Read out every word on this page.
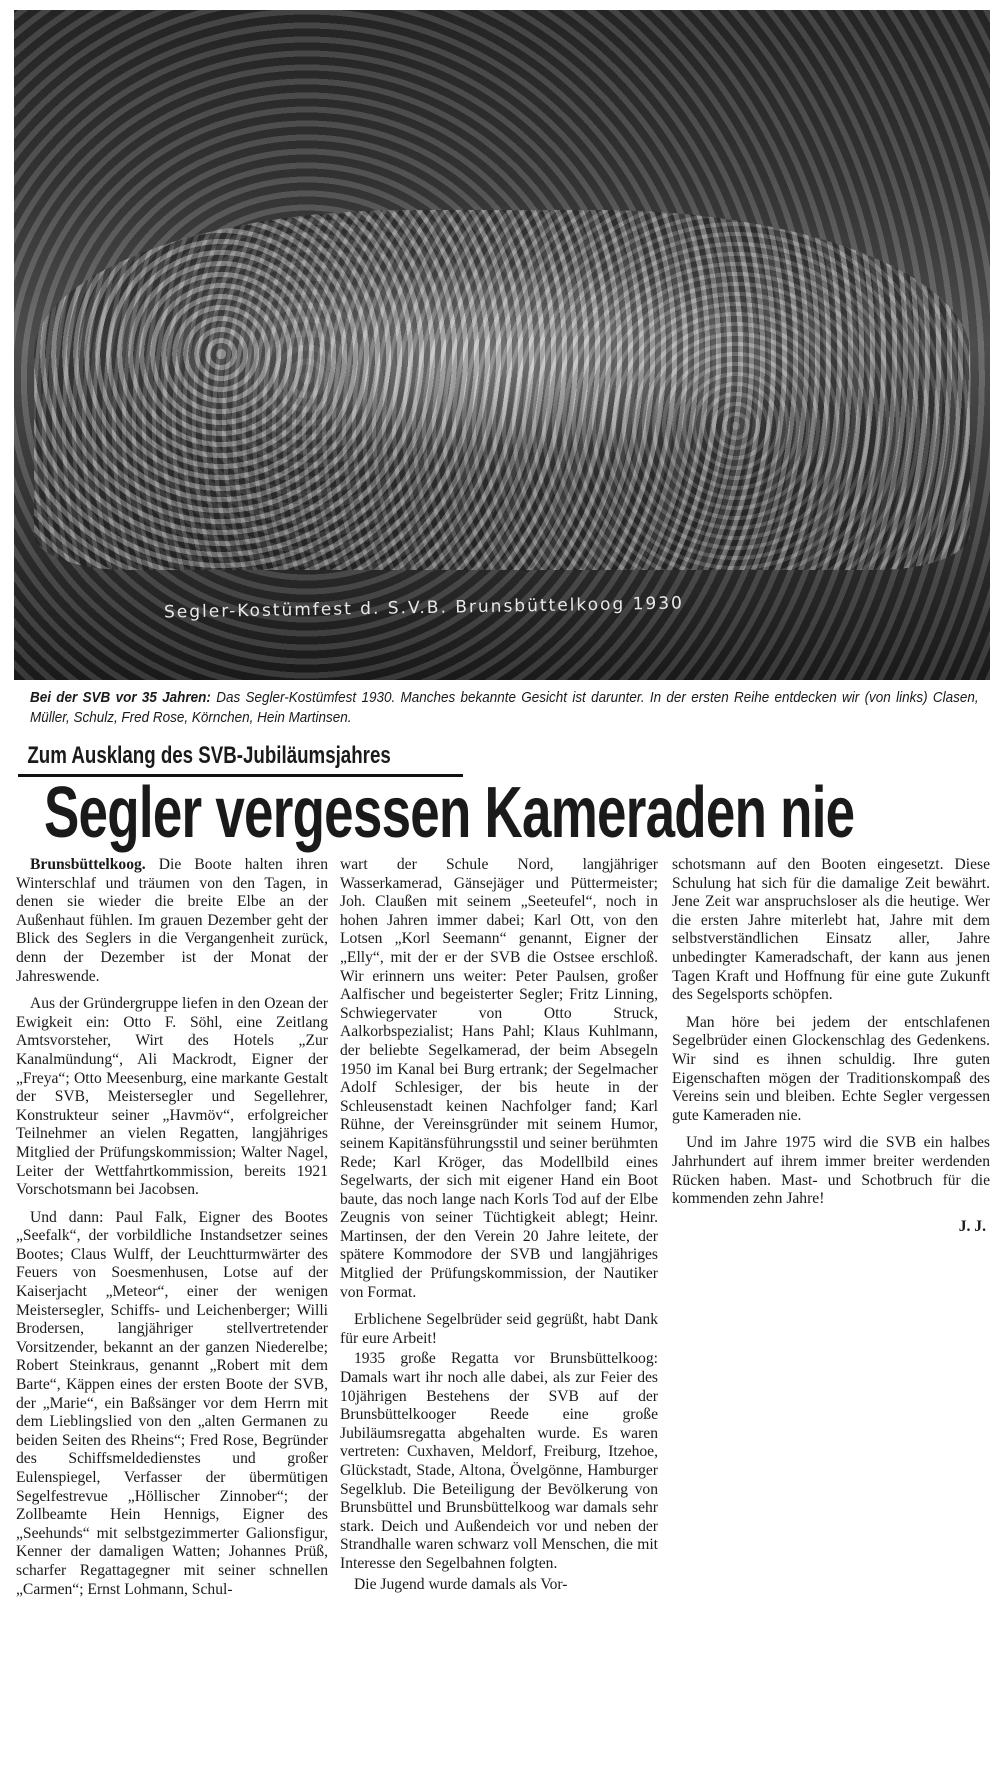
Segler-Kostümfest d. S.V.B. Brunsbüttelkoog 1930
Bei der SVB vor 35 Jahren: Das Segler-Kostümfest 1930. Manches bekannte Gesicht ist darunter. In der ersten Reihe entdecken wir (von links) Clasen, Müller, Schulz, Fred Rose, Körnchen, Hein Martinsen.
Zum Ausklang des SVB-Jubiläumsjahres
Segler vergessen Kameraden nie

Brunsbüttelkoog. Die Boote halten ihren Winterschlaf und träumen von den Tagen, in denen sie wieder die breite Elbe an der Außenhaut fühlen. Im grauen Dezember geht der Blick des Seglers in die Vergangenheit zurück, denn der Dezember ist der Monat der Jahreswende.

Aus der Gründergruppe liefen in den Ozean der Ewigkeit ein: Otto F. Söhl, eine Zeitlang Amtsvorsteher, Wirt des Hotels „Zur Kanalmündung“, Ali Mackrodt, Eigner der „Freya“; Otto Meesenburg, eine markante Gestalt der SVB, Meistersegler und Segellehrer, Konstrukteur seiner „Havmöv“, erfolgreicher Teilnehmer an vielen Regatten, langjähriges Mitglied der Prüfungskommission; Walter Nagel, Leiter der Wettfahrtkommission, bereits 1921 Vorschotsmann bei Jacobsen.

Und dann: Paul Falk, Eigner des Bootes „Seefalk“, der vorbildliche Instandsetzer seines Bootes; Claus Wulff, der Leuchtturmwärter des Feuers von Soesmenhusen, Lotse auf der Kaiserjacht „Meteor“, einer der wenigen Meistersegler, Schiffs- und Leichenberger; Willi Brodersen, langjähriger stellvertretender Vorsitzender, bekannt an der ganzen Niederelbe; Robert Steinkraus, genannt „Robert mit dem Barte“, Käppen eines der ersten Boote der SVB, der „Marie“, ein Baßsänger vor dem Herrn mit dem Lieblingslied von den „alten Germanen zu beiden Seiten des Rheins“; Fred Rose, Begründer des Schiffsmeldedienstes und großer Eulenspiegel, Verfasser der übermütigen Segelfestrevue „Höllischer Zinnober“; der Zollbeamte Hein Hennigs, Eigner des „Seehunds“ mit selbstgezimmerter Galionsfigur, Kenner der damaligen Watten; Johannes Prüß, scharfer Regattagegner mit seiner schnellen „Carmen“; Ernst Lohmann, Schul-

wart der Schule Nord, langjähriger Wasserkamerad, Gänsejäger und Püttermeister; Joh. Claußen mit seinem „Seeteufel“, noch in hohen Jahren immer dabei; Karl Ott, von den Lotsen „Korl Seemann“ genannt, Eigner der „Elly“, mit der er der SVB die Ostsee erschloß. Wir erinnern uns weiter: Peter Paulsen, großer Aalfischer und begeisterter Segler; Fritz Linning, Schwiegervater von Otto Struck, Aalkorbspezialist; Hans Pahl; Klaus Kuhlmann, der beliebte Segelkamerad, der beim Absegeln 1950 im Kanal bei Burg ertrank; der Segelmacher Adolf Schlesiger, der bis heute in der Schleusenstadt keinen Nachfolger fand; Karl Rühne, der Vereinsgründer mit seinem Humor, seinem Kapitänsführungsstil und seiner berühmten Rede; Karl Kröger, das Modellbild eines Segelwarts, der sich mit eigener Hand ein Boot baute, das noch lange nach Korls Tod auf der Elbe Zeugnis von seiner Tüchtigkeit ablegt; Heinr. Martinsen, der den Verein 20 Jahre leitete, der spätere Kommodore der SVB und langjähriges Mitglied der Prüfungskommission, der Nautiker von Format.

Erblichene Segelbrüder seid gegrüßt, habt Dank für eure Arbeit!

1935 große Regatta vor Brunsbüttelkoog: Damals wart ihr noch alle dabei, als zur Feier des 10jährigen Bestehens der SVB auf der Brunsbüttelkooger Reede eine große Jubiläumsregatta abgehalten wurde. Es waren vertreten: Cuxhaven, Meldorf, Freiburg, Itzehoe, Glückstadt, Stade, Altona, Övelgönne, Hamburger Segelklub. Die Beteiligung der Bevölkerung von Brunsbüttel und Brunsbüttelkoog war damals sehr stark. Deich und Außendeich vor und neben der Strandhalle waren schwarz voll Menschen, die mit Interesse den Segelbahnen folgten.

Die Jugend wurde damals als Vor-

schotsmann auf den Booten eingesetzt. Diese Schulung hat sich für die damalige Zeit bewährt. Jene Zeit war anspruchsloser als die heutige. Wer die ersten Jahre miterlebt hat, Jahre mit dem selbstverständlichen Einsatz aller, Jahre unbedingter Kameradschaft, der kann aus jenen Tagen Kraft und Hoffnung für eine gute Zukunft des Segelsports schöpfen.

Man höre bei jedem der entschlafenen Segelbrüder einen Glockenschlag des Gedenkens. Wir sind es ihnen schuldig. Ihre guten Eigenschaften mögen der Traditionskompaß des Vereins sein und bleiben. Echte Segler vergessen gute Kameraden nie.

Und im Jahre 1975 wird die SVB ein halbes Jahrhundert auf ihrem immer breiter werdenden Rücken haben. Mast- und Schotbruch für die kommenden zehn Jahre!

J. J.
